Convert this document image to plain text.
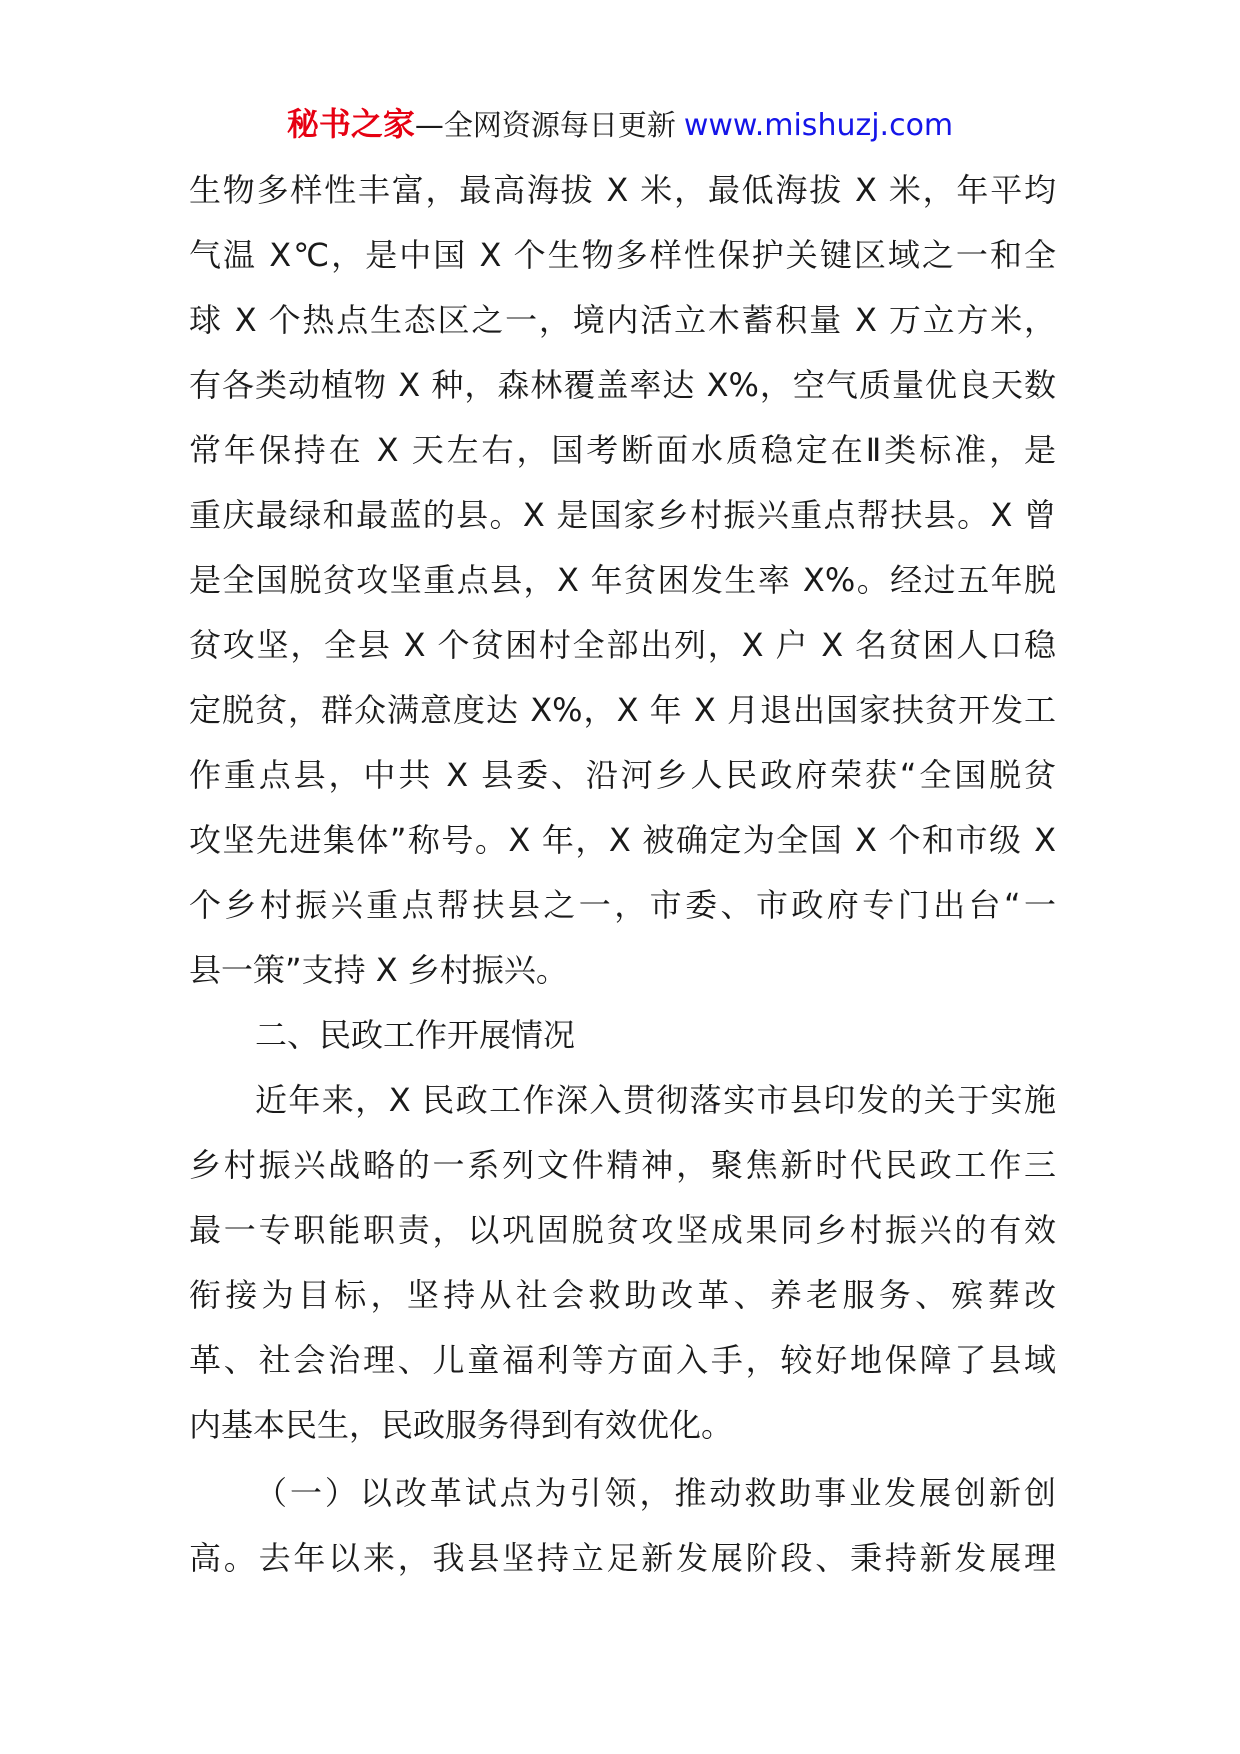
秘书之家—全网资源每日更新 www.mishuzj.com
生物多样性丰富，最高海拔 X 米，最低海拔 X 米，年平均
气温 X℃，是中国 X 个生物多样性保护关键区域之一和全
球 X 个热点生态区之一，境内活立木蓄积量 X 万立方米，
有各类动植物 X 种，森林覆盖率达 X%，空气质量优良天数
常年保持在 X 天左右，国考断面水质稳定在Ⅱ类标准，是
重庆最绿和最蓝的县。X 是国家乡村振兴重点帮扶县。X 曾
是全国脱贫攻坚重点县，X 年贫困发生率 X%。经过五年脱
贫攻坚，全县 X 个贫困村全部出列，X 户 X 名贫困人口稳
定脱贫，群众满意度达 X%，X 年 X 月退出国家扶贫开发工
作重点县，中共 X 县委、沿河乡人民政府荣获“全国脱贫
攻坚先进集体”称号。X 年，X 被确定为全国 X 个和市级 X
个乡村振兴重点帮扶县之一，市委、市政府专门出台“一
县一策”支持 X 乡村振兴。
二、民政工作开展情况
近年来，X 民政工作深入贯彻落实市县印发的关于实施
乡村振兴战略的一系列文件精神，聚焦新时代民政工作三
最一专职能职责，以巩固脱贫攻坚成果同乡村振兴的有效
衔接为目标，坚持从社会救助改革、养老服务、殡葬改
革、社会治理、儿童福利等方面入手，较好地保障了县域
内基本民生，民政服务得到有效优化。
（一）以改革试点为引领，推动救助事业发展创新创
高。去年以来，我县坚持立足新发展阶段、秉持新发展理
